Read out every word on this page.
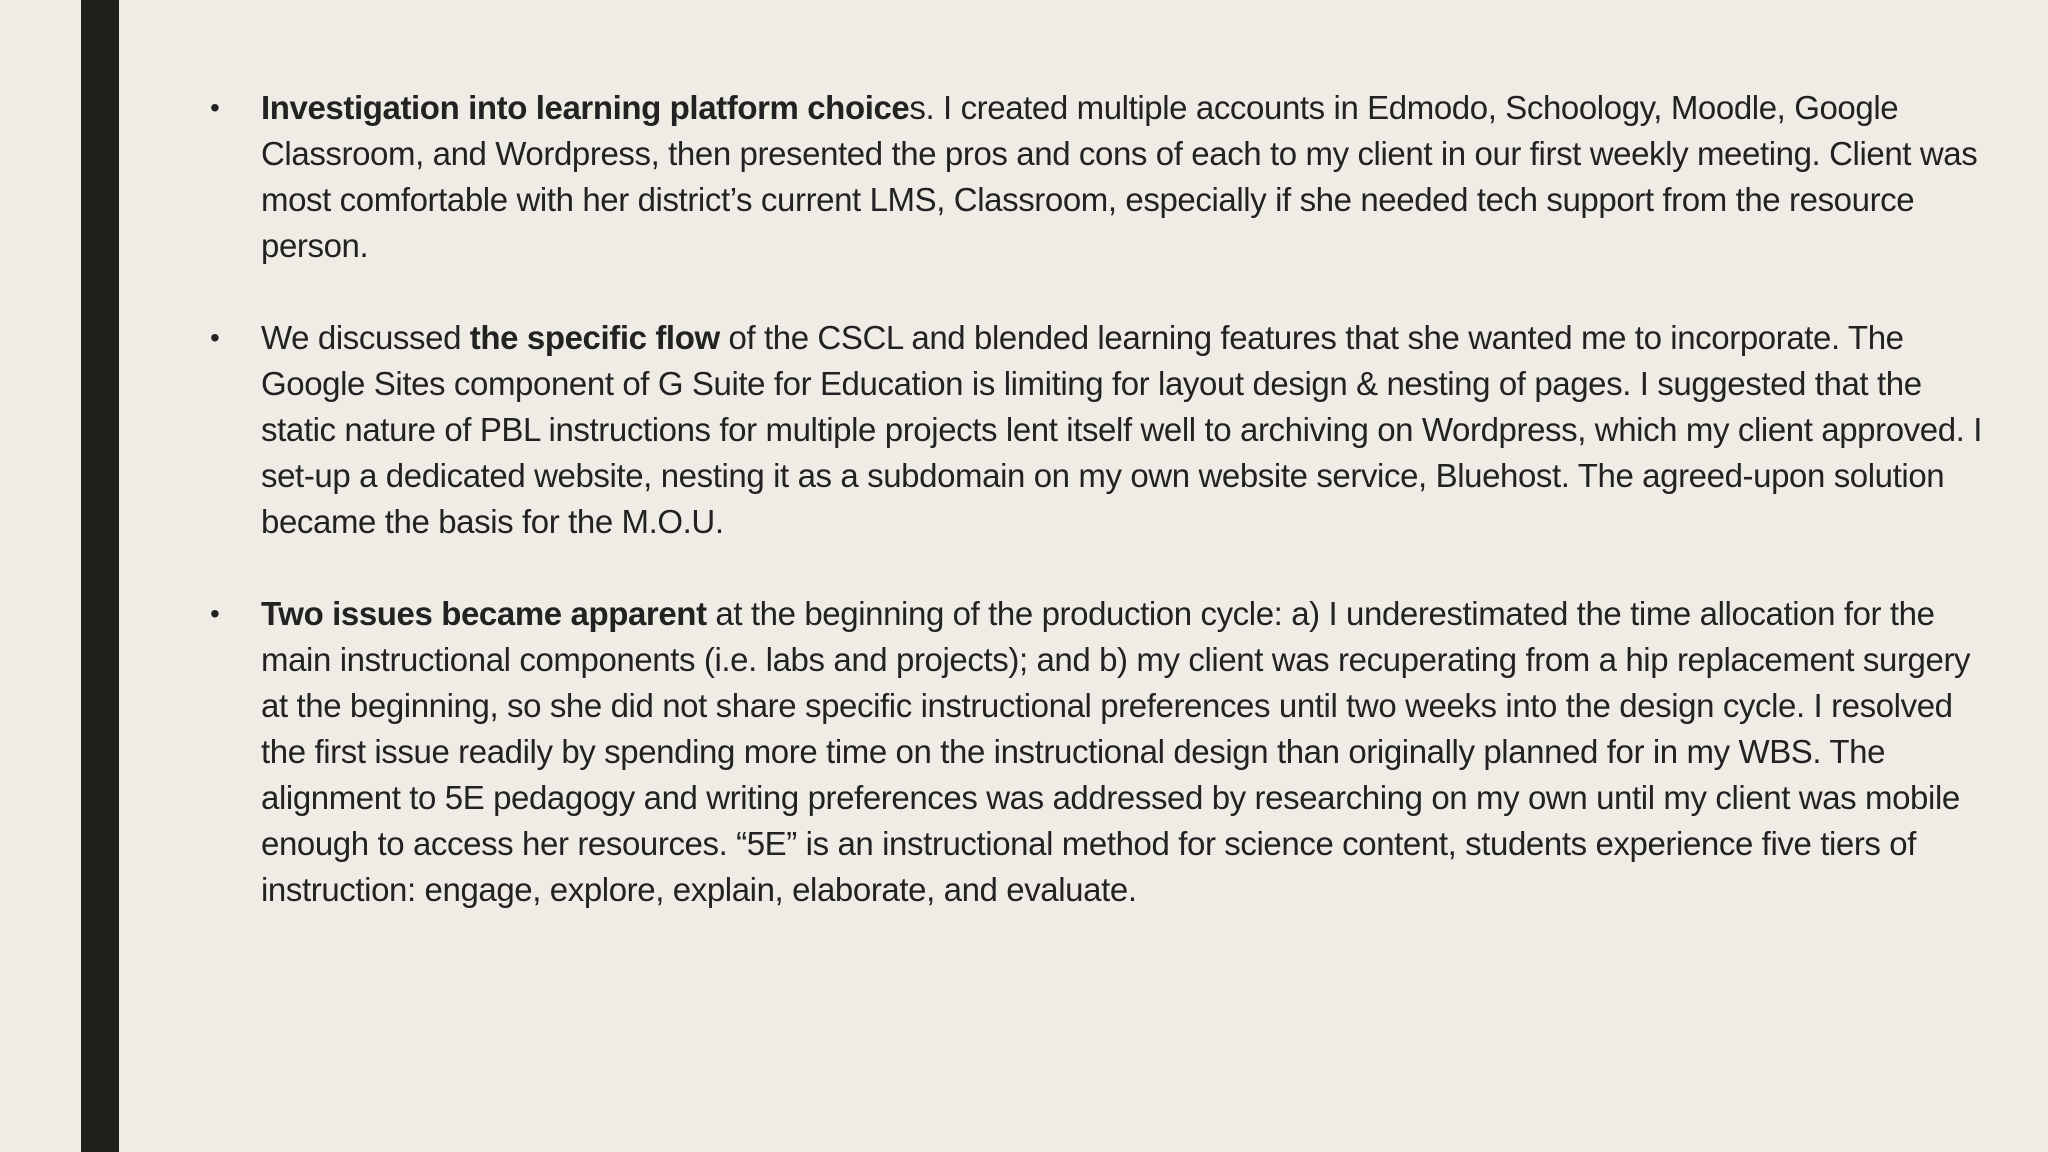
• Investigation into learning platform choices. I created multiple accounts in Edmodo, Schoology, Moodle, Google Classroom, and Wordpress, then presented the pros and cons of each to my client in our first weekly meeting. Client was most comfortable with her district’s current LMS, Classroom, especially if she needed tech support from the resource person.
• We discussed the specific flow of the CSCL and blended learning features that she wanted me to incorporate. The Google Sites component of G Suite for Education is limiting for layout design & nesting of pages. I suggested that the static nature of PBL instructions for multiple projects lent itself well to archiving on Wordpress, which my client approved. I set-up a dedicated website, nesting it as a subdomain on my own website service, Bluehost. The agreed-upon solution became the basis for the M.O.U.
• Two issues became apparent at the beginning of the production cycle: a) I underestimated the time allocation for the main instructional components (i.e. labs and projects); and b) my client was recuperating from a hip replacement surgery at the beginning, so she did not share specific instructional preferences until two weeks into the design cycle. I resolved the first issue readily by spending more time on the instructional design than originally planned for in my WBS. The alignment to 5E pedagogy and writing preferences was addressed by researching on my own until my client was mobile enough to access her resources. “5E” is an instructional method for science content, students experience five tiers of instruction: engage, explore, explain, elaborate, and evaluate.
